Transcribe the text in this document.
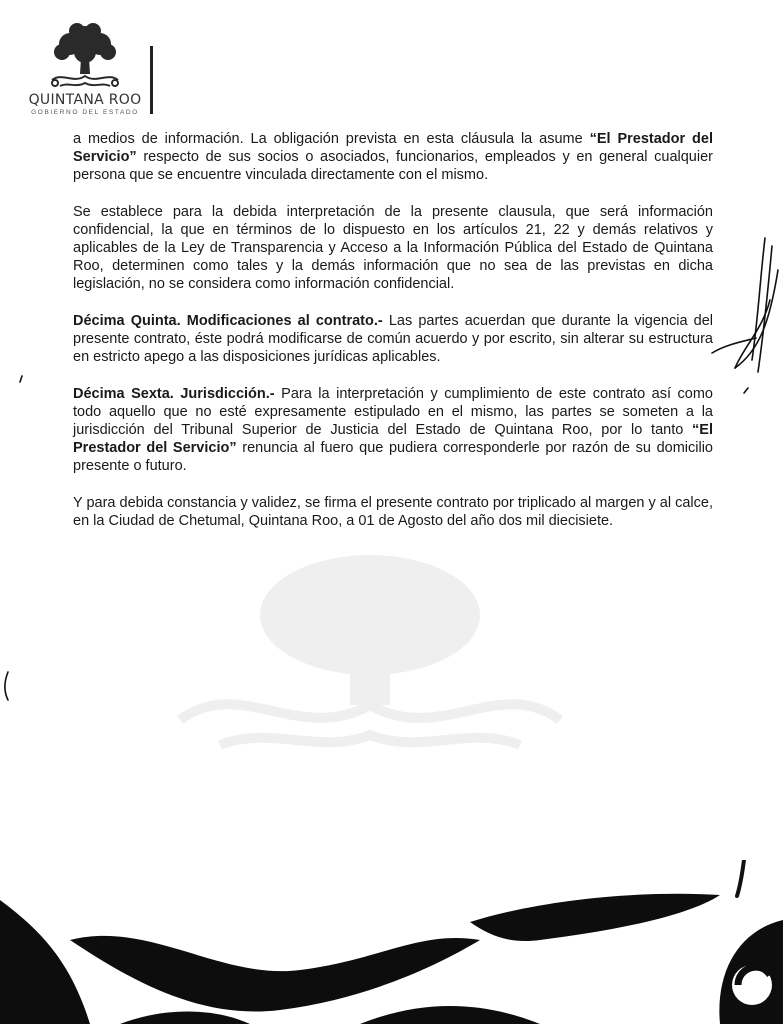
QUINTANA ROO
GOBIERNO DEL ESTADO

a medios de información. La obligación prevista en esta cláusula la asume “El Prestador del Servicio” respecto de sus socios o asociados, funcionarios, empleados y en general cualquier persona que se encuentre vinculada directamente con el mismo.

Se establece para la debida interpretación de la presente clausula, que será información confidencial, la que en términos de lo dispuesto en los artículos 21, 22 y demás relativos y aplicables de la Ley de Transparencia y Acceso a la Información Pública del Estado de Quintana Roo, determinen como tales y la demás información que no sea de las previstas en dicha legislación, no se considera como información confidencial.

Décima Quinta. Modificaciones al contrato.- Las partes acuerdan que durante la vigencia del presente contrato, éste podrá modificarse de común acuerdo y por escrito, sin alterar su estructura en estricto apego a las disposiciones jurídicas aplicables.

Décima Sexta. Jurisdicción.- Para la interpretación y cumplimiento de este contrato así como todo aquello que no esté expresamente estipulado en el mismo, las partes se someten a la jurisdicción del Tribunal Superior de Justicia del Estado de Quintana Roo, por lo tanto “El Prestador del Servicio” renuncia al fuero que pudiera corresponderle por razón de su domicilio presente o futuro.

Y para debida constancia y validez, se firma el presente contrato por triplicado al margen y al calce, en la Ciudad de Chetumal, Quintana Roo, a 01 de Agosto del año dos mil diecisiete.
